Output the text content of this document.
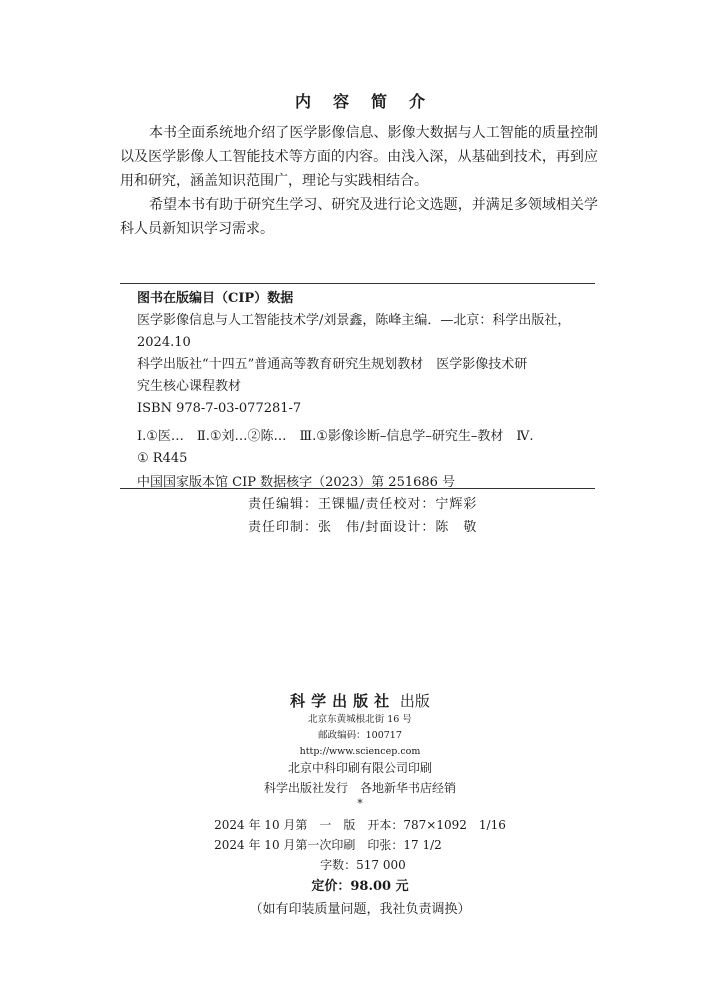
内 容 简 介

本书全面系统地介绍了医学影像信息、影像大数据与人工智能的质量控制以及医学影像人工智能技术等方面的内容。由浅入深，从基础到技术，再到应用和研究，涵盖知识范围广，理论与实践相结合。

希望本书有助于研究生学习、研究及进行论文选题，并满足多领域相关学科人员新知识学习需求。

图书在版编目（CIP）数据
医学影像信息与人工智能技术学/刘景鑫，陈峰主编．—北京：科学出版社，
2024.10
科学出版社“十四五”普通高等教育研究生规划教材　医学影像技术研
究生核心课程教材
ISBN 978-7-03-077281-7
Ⅰ.①医…　Ⅱ.①刘…②陈…　Ⅲ.①影像诊断–信息学–研究生–教材　Ⅳ.
① R445
中国国家版本馆 CIP 数据核字（2023）第 251686 号
责任编辑：王锞韫/责任校对：宁辉彩
责任印制：张　伟/封面设计：陈　敬
科学出版社 出版
北京东黄城根北街 16 号
邮政编码：100717
http://www.sciencep.com
北京中科印刷有限公司印刷
科学出版社发行　各地新华书店经销
*
2024 年 10 月第　一　版　开本：787×1092　1/16
2024 年 10 月第一次印刷　印张：17 1/2
字数：517 000
定价：98.00 元
（如有印装质量问题，我社负责调换）
